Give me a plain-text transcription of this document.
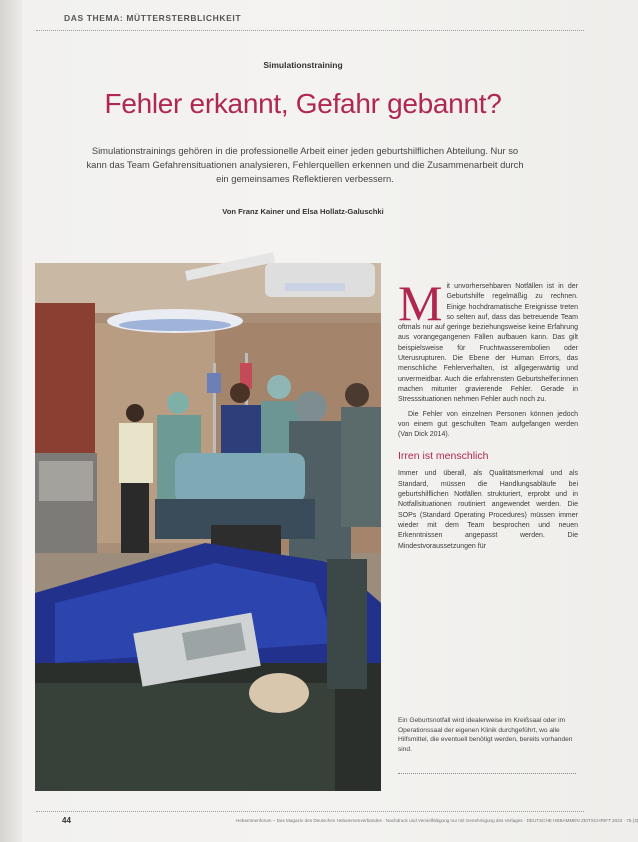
DAS THEMA: MÜTTERSTERBLICHKEIT
Simulationstraining
Fehler erkannt, Gefahr gebannt?
Simulationstrainings gehören in die professionelle Arbeit einer jeden geburtshilflichen Abteilung. Nur so kann das Team Gefahrensituationen analysieren, Fehlerquellen erkennen und die Zusammenarbeit durch ein gemeinsames Reflektieren verbessern.
Von Franz Kainer und Elsa Hollatz-Galuschki

Mit unvorhersehbaren Notfällen ist in der Geburtshilfe regelmäßig zu rechnen. Einige hochdramatische Ereignisse treten so selten auf, dass das betreuende Team oftmals nur auf geringe beziehungsweise keine Erfahrung aus vorangegangenen Fällen aufbauen kann. Das gilt beispielsweise für Fruchtwasserembolien oder Uterusrupturen. Die Ebene der Human Errors, das menschliche Fehlerverhalten, ist allgegenwärtig und unvermeidbar. Auch die erfahrensten Geburtshelfer:innen machen mitunter gravierende Fehler. Gerade in Stresssituationen nehmen Fehler auch noch zu.

Die Fehler von einzelnen Personen können jedoch von einem gut geschulten Team aufgefangen werden (Van Dick 2014).

Irren ist menschlich

Immer und überall, als Qualitätsmerkmal und als Standard, müssen die Handlungsabläufe bei geburtshilflichen Notfällen strukturiert, erprobt und in Notfallsituationen routiniert angewendet werden. Die SOPs (Standard Operating Procedures) müssen immer wieder mit dem Team besprochen und neuen Erkenntnissen angepasst werden. Die Mindestvoraussetzungen für

Ein Geburtsnotfall wird idealerweise im Kreißsaal oder im Operationssaal der eigenen Klinik durchgeführt, wo alle Hilfsmittel, die eventuell benötigt werden, bereits vorhanden sind.
44	Hebammenforum – Das Magazin des Deutschen Hebammenverbandes · Nachdruck und Vervielfältigung nur mit Genehmigung des Verlages · DEUTSCHE HEBAMMEN ZEITSCHRIFT 2023 · 75 (3)
